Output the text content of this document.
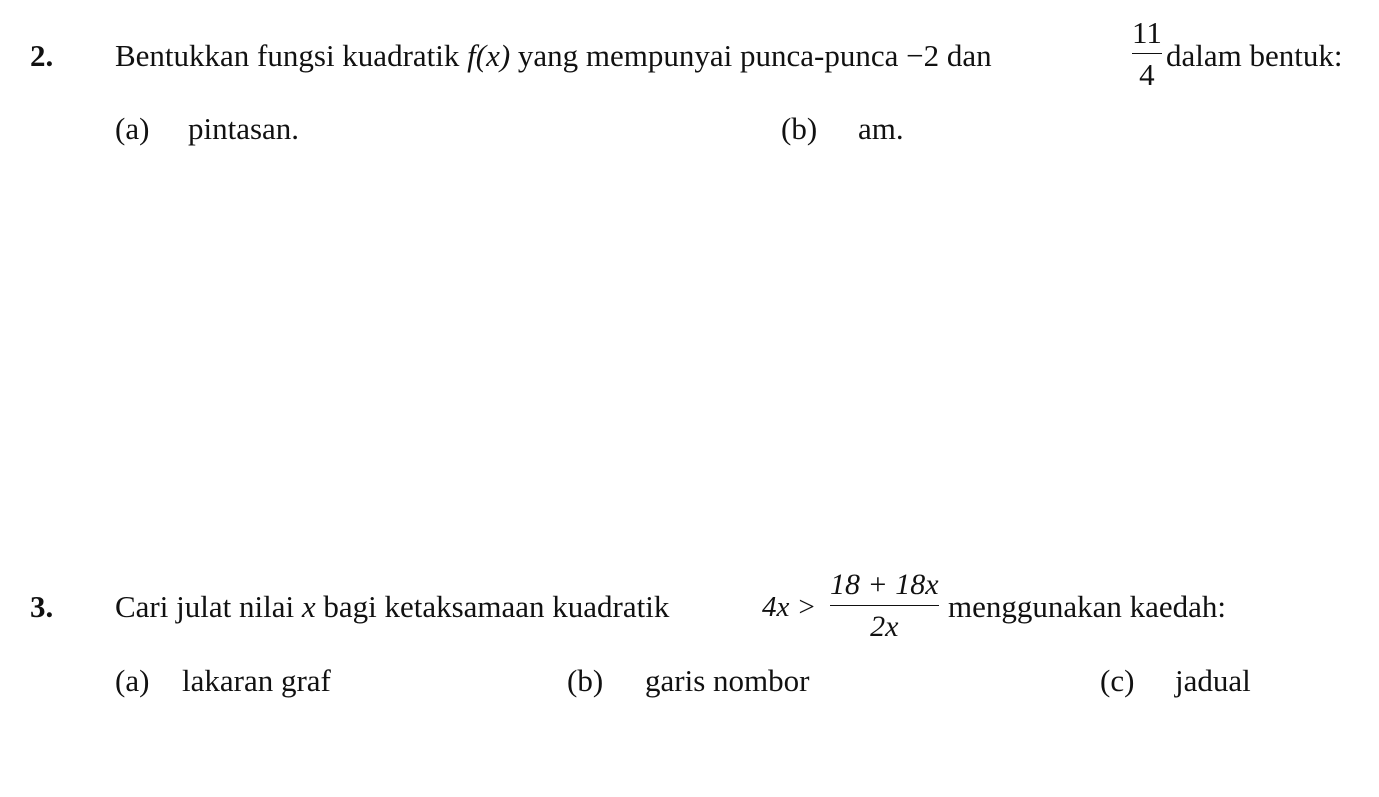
2. Bentukkan fungsi kuadratik f(x) yang mempunyai punca-punca −2 dan
11
4
dalam bentuk:
(a) pintasan.	(b) am.
3. Cari julat nilai x bagi ketaksamaan kuadratik	4x >
18 + 18x
2x
menggunakan kaedah:
(a) lakaran graf	(b) garis nombor	(c) jadual
